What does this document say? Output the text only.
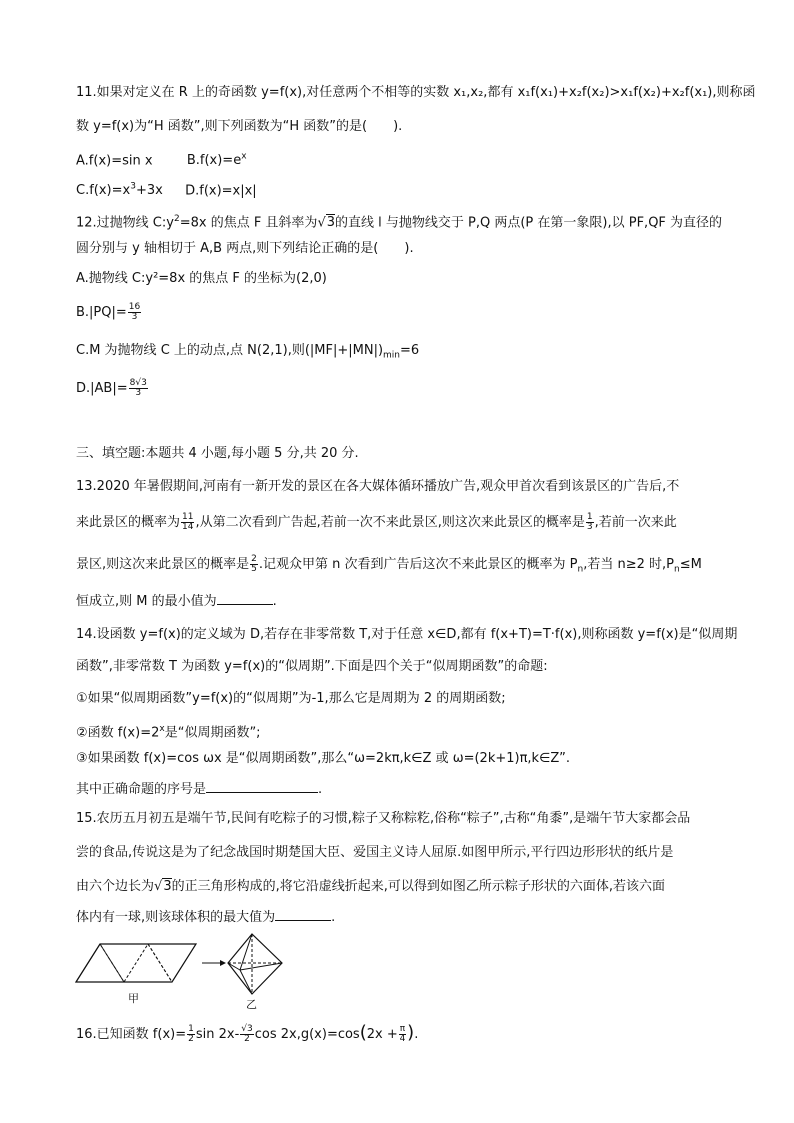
11.如果对定义在 R 上的奇函数 y=f(x),对任意两个不相等的实数 x₁,x₂,都有 x₁f(x₁)+x₂f(x₂)>x₁f(x₂)+x₂f(x₁),则称函
数 y=f(x)为“H 函数”,则下列函数为“H 函数”的是(　　).
A.f(x)=sin x	$B.f(x)=e^x$
$C.f(x)=x^3+3x$ D.f(x)=x|x|
12.过抛物线 $C:y^2=8x$ 的焦点 F 且斜率为√3的直线 l 与抛物线交于 P,Q 两点(P 在第一象限),以 PF,QF 为直径的
圆分别与 y 轴相切于 A,B 两点,则下列结论正确的是(　　).
A.抛物线 C:y²=8x 的焦点 F 的坐标为(2,0)
$B.|PQ|= \frac{16}{3}$
C.M 为抛物线 C 上的动点,点 N(2,1),则$(|MF|+|MN|)_{min}=6$
$D.|AB|= \frac{8√3}{3}$
三、填空题:本题共 4 小题,每小题 5 分,共 20 分.
13.2020 年暑假期间,河南有一新开发的景区在各大媒体循环播放广告,观众甲首次看到该景区的广告后,不
来此景区的概率为 $\frac{11}{14}$ ,从第二次看到广告起,若前一次不来此景区,则这次来此景区的概率是 $\frac{1}{3}$ ,若前一次来此
景区,则这次来此景区的概率是 $\frac{2}{5}$ .记观众甲第 n 次看到广告后这次不来此景区的概率为 $P_n$,若当 n≥2 时$,P_n\le M$
恒成立,则 M 的最小值为	.
14.设函数 y=f(x)的定义域为 D,若存在非零常数 T,对于任意 x∈D,都有 f(x+T)=T·f(x),则称函数 y=f(x)是“似周期
函数”,非零常数 T 为函数 y=f(x)的“似周期”.下面是四个关于“似周期函数”的命题:
①如果“似周期函数”y=f(x)的“似周期”为-1,那么它是周期为 2 的周期函数;
②函数 $f(x)=2^x$是“似周期函数”;
③如果函数 f(x)=cos ωx 是“似周期函数”,那么“ω=2kπ,k∈Z 或 ω=(2k+1)π,k∈Z”.
其中正确命题的序号是	.
15.农历五月初五是端午节,民间有吃粽子的习惯,粽子又称粽籺,俗称“粽子”,古称“角黍”,是端午节大家都会品
尝的食品,传说这是为了纪念战国时期楚国大臣、爱国主义诗人屈原.如图甲所示,平行四边形形状的纸片是
由六个边长为√3的正三角形构成的,将它沿虚线折起来,可以得到如图乙所示粽子形状的六面体,若该六面
体内有一球,则该球体积的最大值为	.
甲	乙
16.已知函数 $f(x)= \frac{1}{2}$ $\sin 2x- \frac{√3}{2}$ $\cos 2x,g(x)=\cos(2x + \frac{\pi}{4}$ ).
